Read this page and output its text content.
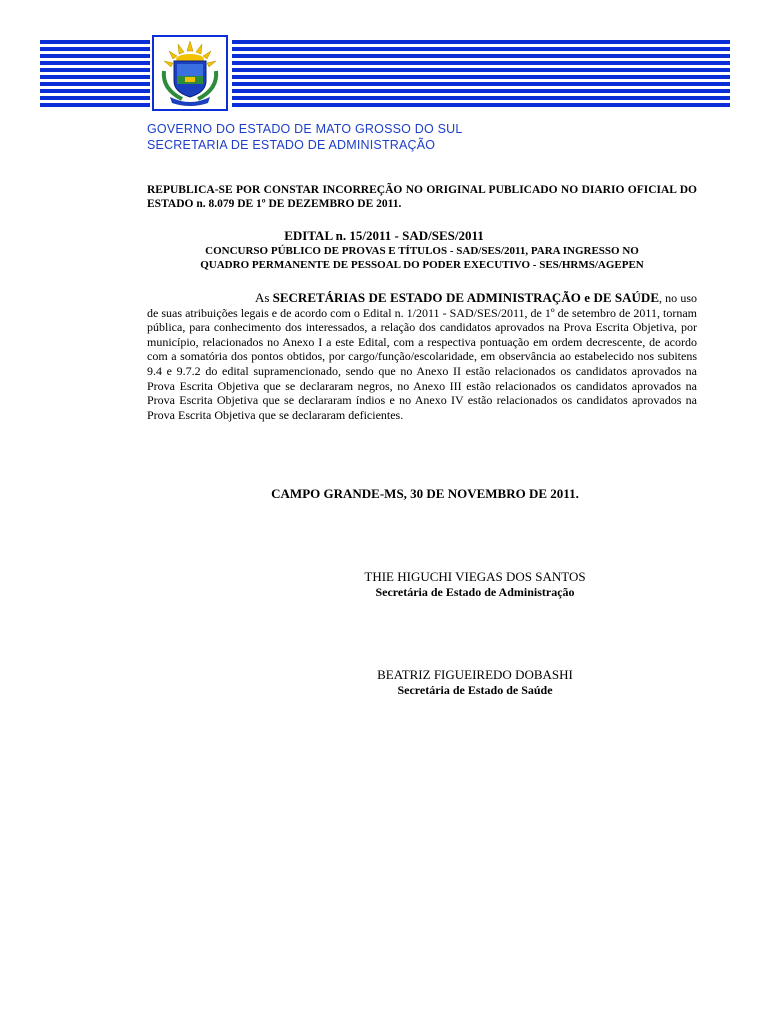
GOVERNO DO ESTADO DE MATO GROSSO DO SUL
SECRETARIA DE ESTADO DE ADMINISTRAÇÃO
REPUBLICA-SE POR CONSTAR INCORREÇÃO NO ORIGINAL PUBLICADO NO DIARIO OFICIAL DO ESTADO n. 8.079 DE 1º DE DEZEMBRO DE 2011.
EDITAL n. 15/2011 - SAD/SES/2011
CONCURSO PÚBLICO DE PROVAS E TÍTULOS - SAD/SES/2011, PARA INGRESSO NO
QUADRO PERMANENTE DE PESSOAL DO PODER EXECUTIVO - SES/HRMS/AGEPEN
As SECRETÁRIAS DE ESTADO DE ADMINISTRAÇÃO e DE SAÚDE, no uso de suas atribuições legais e de acordo com o Edital n. 1/2011 - SAD/SES/2011, de 1º de setembro de 2011, tornam pública, para conhecimento dos interessados, a relação dos candidatos aprovados na Prova Escrita Objetiva, por município, relacionados no Anexo I a este Edital, com a respectiva pontuação em ordem decrescente, de acordo com a somatória dos pontos obtidos, por cargo/função/escolaridade, em observância ao estabelecido nos subitens 9.4 e 9.7.2 do edital supramencionado, sendo que no Anexo II estão relacionados os candidatos aprovados na Prova Escrita Objetiva que se declararam negros, no Anexo III estão relacionados os candidatos aprovados na Prova Escrita Objetiva que se declararam índios e no Anexo IV estão relacionados os candidatos aprovados na Prova Escrita Objetiva que se declararam deficientes.
CAMPO GRANDE-MS, 30 DE NOVEMBRO DE 2011.
THIE HIGUCHI VIEGAS DOS SANTOS
Secretária de Estado de Administração
BEATRIZ FIGUEIREDO DOBASHI
Secretária de Estado de Saúde
